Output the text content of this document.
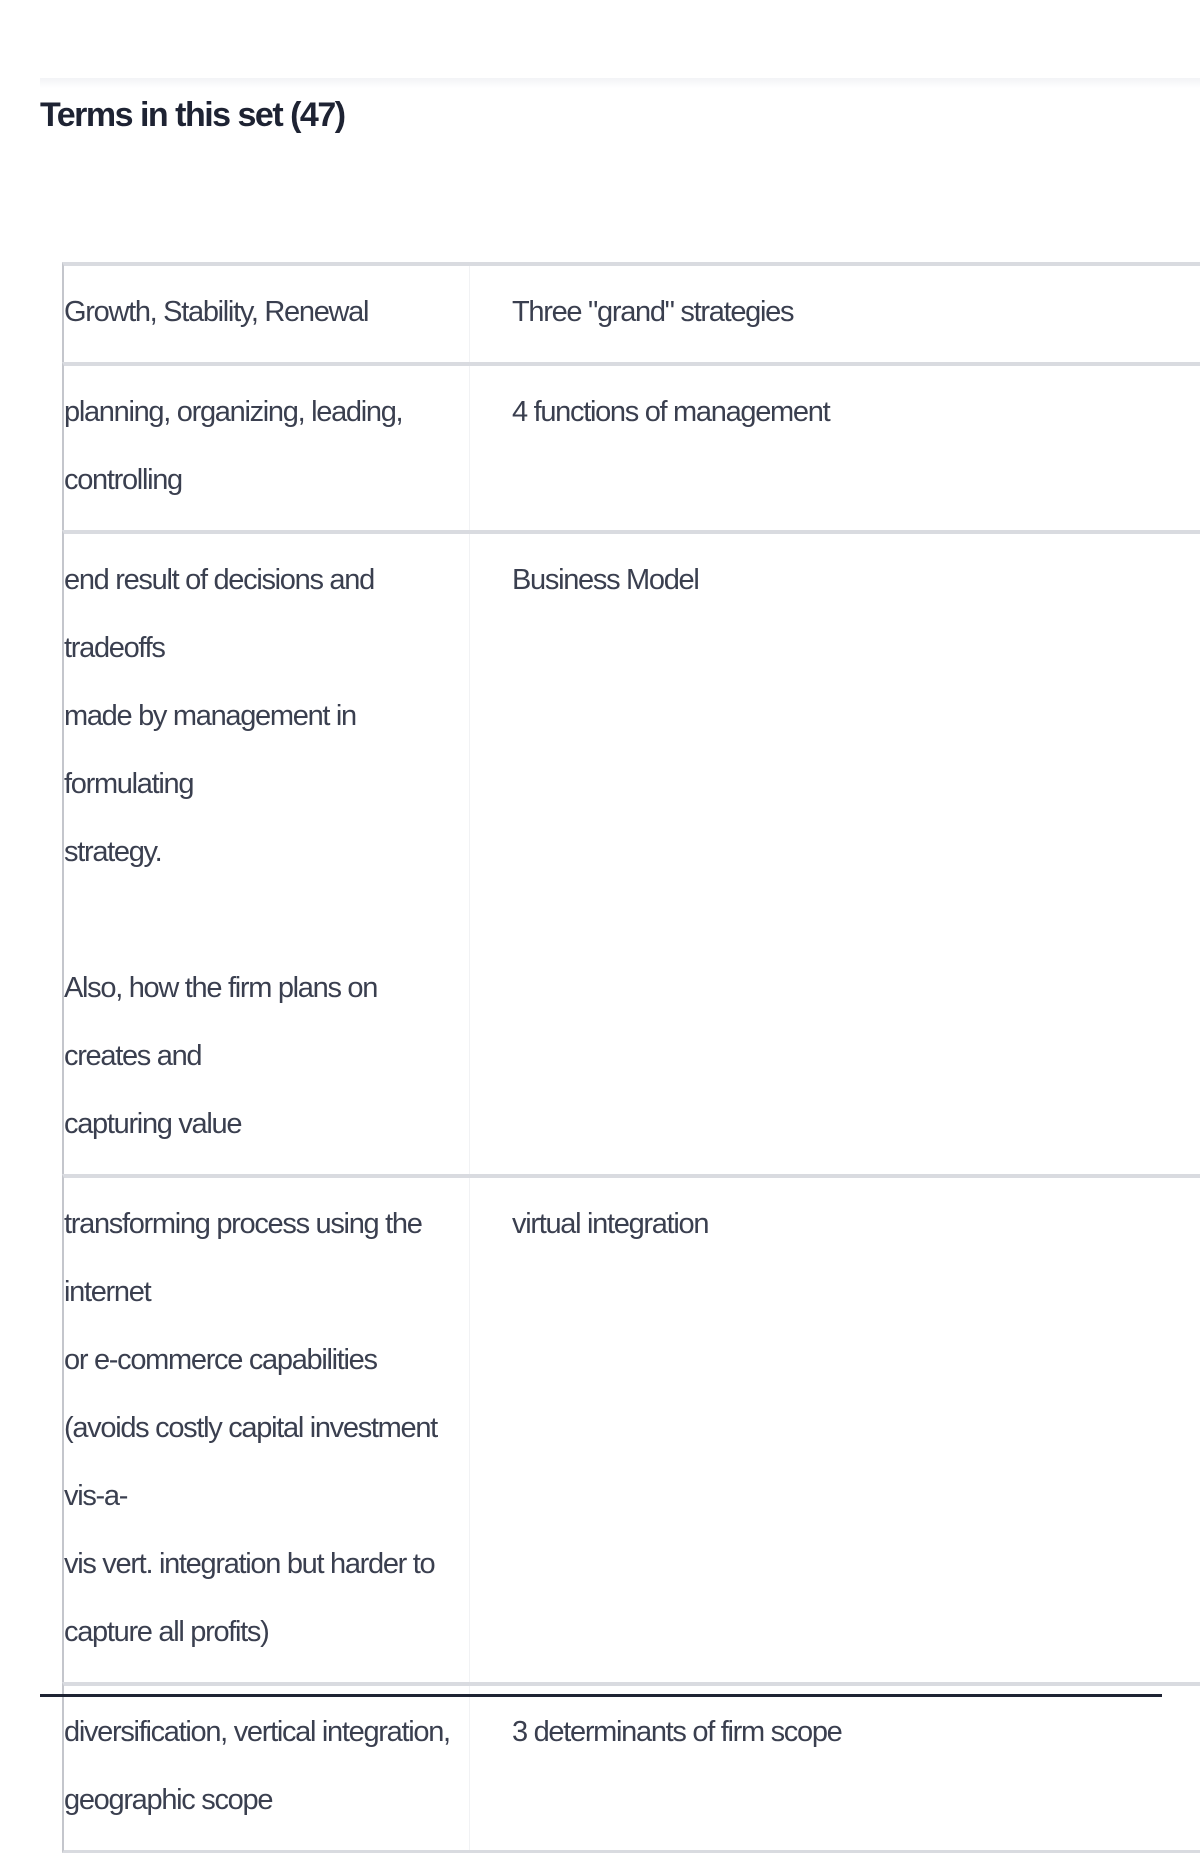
Terms in this set (47)
Growth, Stability, Renewal	Three "grand" strategies
planning, organizing, leading,
controlling
4 functions of management
end result of decisions and tradeoffs
made by management in formulating
strategy.

Also, how the firm plans on creates and
capturing value
Business Model
transforming process using the internet
or e-commerce capabilities
(avoids costly capital investment vis-a-
vis vert. integration but harder to
capture all profits)
virtual integration
diversification, vertical integration,
geographic scope
3 determinants of firm scope
